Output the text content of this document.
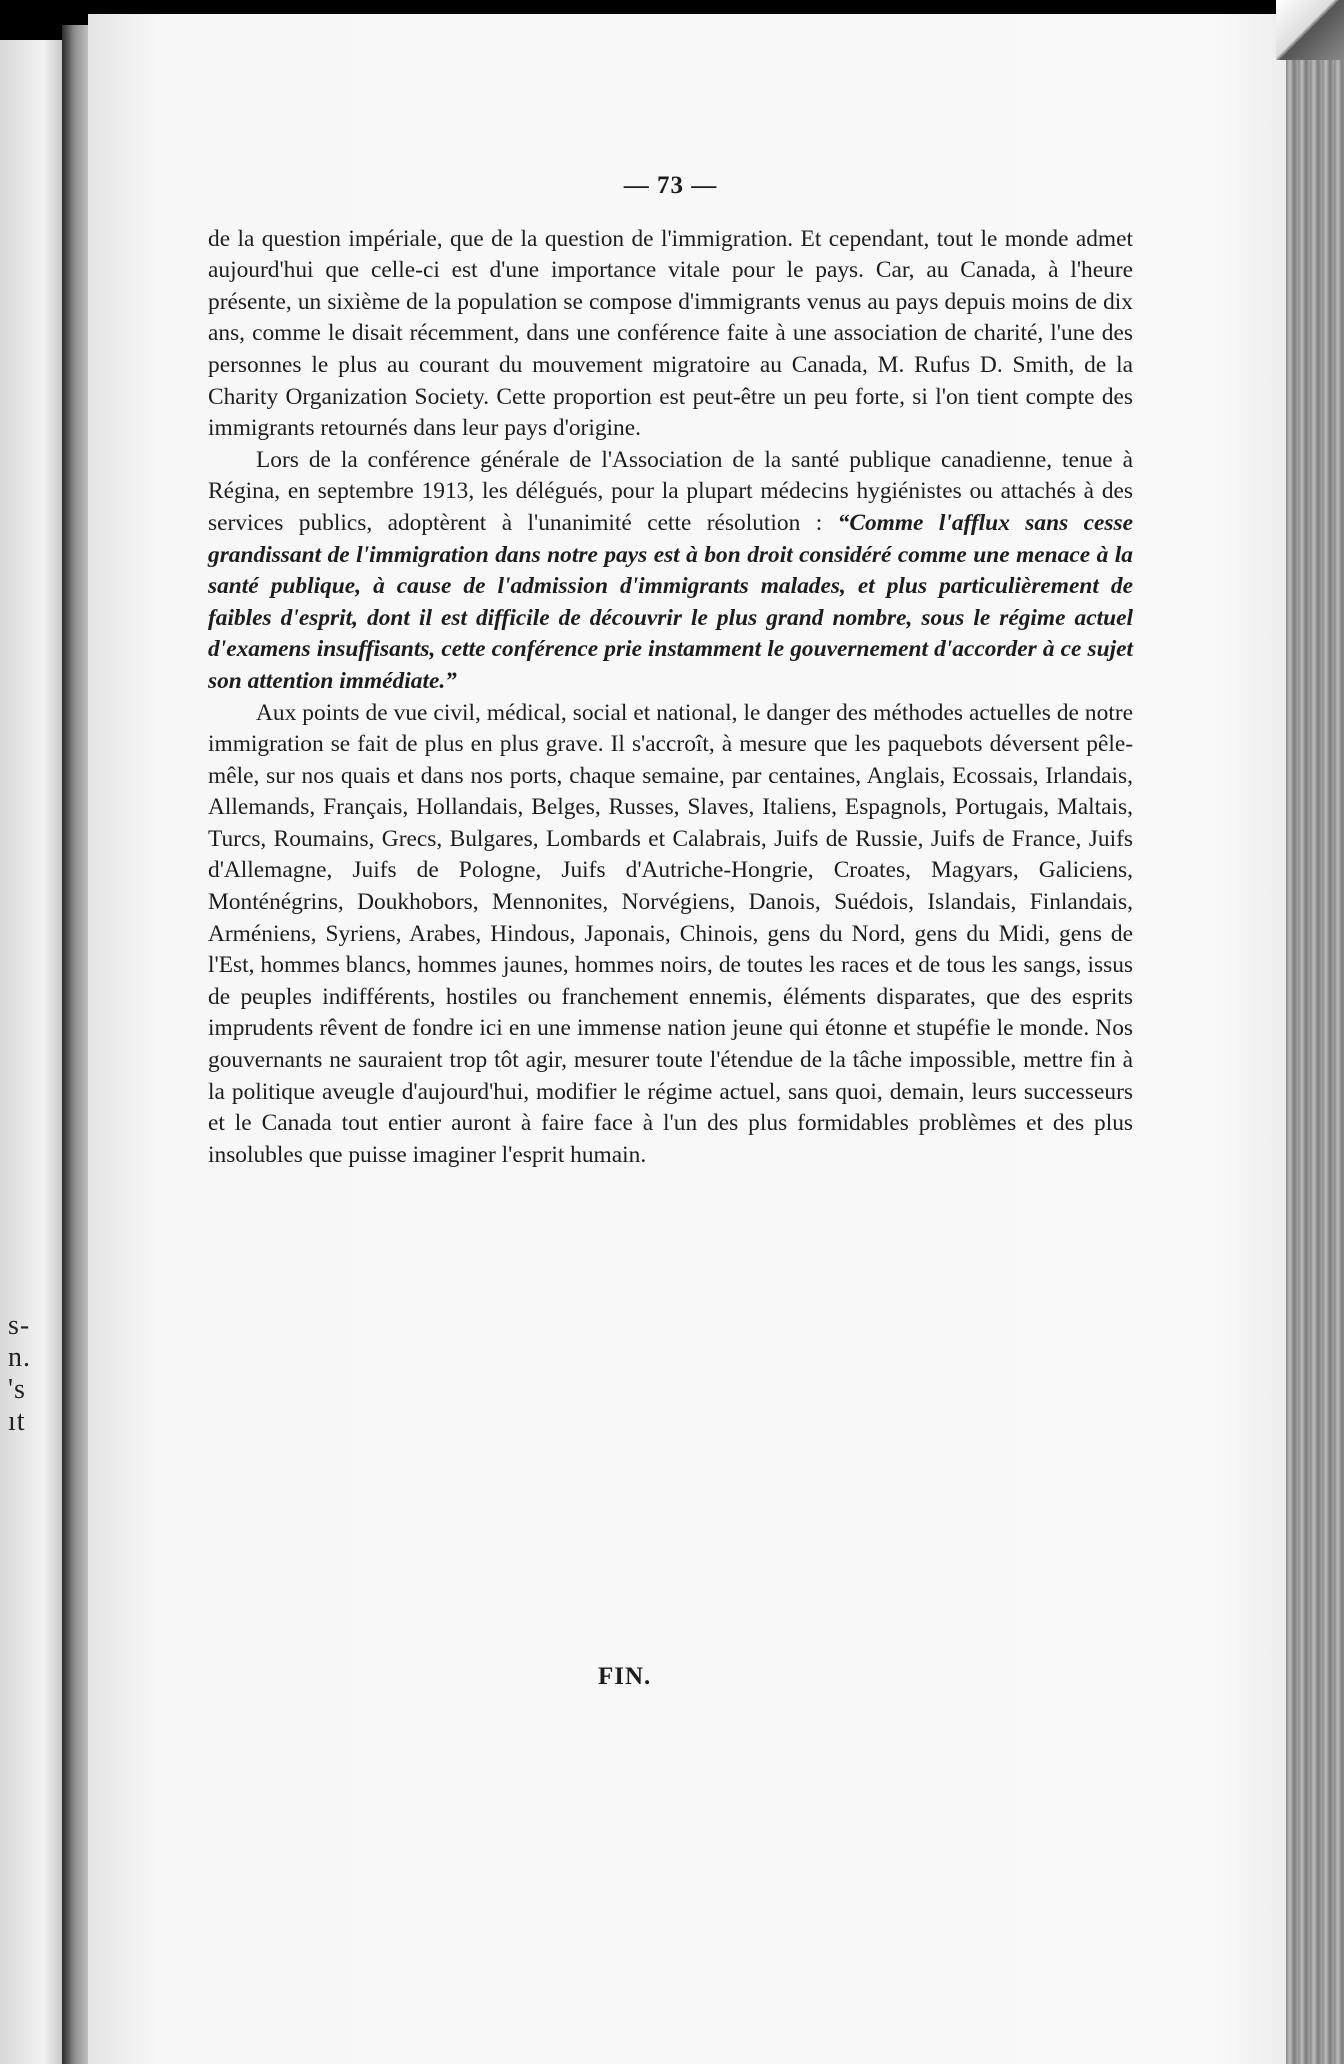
s-
n.
's
ıt
— 73 —

de la question impériale, que de la question de l'immigration. Et cependant, tout le monde admet aujourd'hui que celle-ci est d'une importance vitale pour le pays. Car, au Canada, à l'heure présente, un sixième de la population se compose d'immigrants venus au pays depuis moins de dix ans, comme le disait récemment, dans une conférence faite à une association de charité, l'une des personnes le plus au courant du mouvement migratoire au Canada, M. Rufus D. Smith, de la Charity Organization Society. Cette proportion est peut-être un peu forte, si l'on tient compte des immigrants retournés dans leur pays d'origine.

Lors de la conférence générale de l'Association de la santé publique canadienne, tenue à Régina, en septembre 1913, les délégués, pour la plupart médecins hygiénistes ou attachés à des services publics, adoptèrent à l'unanimité cette résolution : “Comme l'afflux sans cesse grandissant de l'immigration dans notre pays est à bon droit considéré comme une menace à la santé publique, à cause de l'admission d'immigrants malades, et plus particulièrement de faibles d'esprit, dont il est difficile de découvrir le plus grand nombre, sous le régime actuel d'examens insuffisants, cette conférence prie instamment le gouvernement d'accorder à ce sujet son attention immédiate.”

Aux points de vue civil, médical, social et national, le danger des méthodes actuelles de notre immigration se fait de plus en plus grave. Il s'accroît, à mesure que les paquebots déversent pêle-mêle, sur nos quais et dans nos ports, chaque semaine, par centaines, Anglais, Ecossais, Irlandais, Allemands, Français, Hollandais, Belges, Russes, Slaves, Italiens, Espagnols, Portugais, Maltais, Turcs, Roumains, Grecs, Bulgares, Lombards et Calabrais, Juifs de Russie, Juifs de France, Juifs d'Allemagne, Juifs de Pologne, Juifs d'Autriche-Hongrie, Croates, Magyars, Galiciens, Monténégrins, Doukhobors, Mennonites, Norvégiens, Danois, Suédois, Islandais, Finlandais, Arméniens, Syriens, Arabes, Hindous, Japonais, Chinois, gens du Nord, gens du Midi, gens de l'Est, hommes blancs, hommes jaunes, hommes noirs, de toutes les races et de tous les sangs, issus de peuples indifférents, hostiles ou franchement ennemis, éléments disparates, que des esprits imprudents rêvent de fondre ici en une immense nation jeune qui étonne et stupéfie le monde. Nos gouvernants ne sauraient trop tôt agir, mesurer toute l'étendue de la tâche impossible, mettre fin à la politique aveugle d'aujourd'hui, modifier le régime actuel, sans quoi, demain, leurs successeurs et le Canada tout entier auront à faire face à l'un des plus formidables problèmes et des plus insolubles que puisse imaginer l'esprit humain.

FIN.
